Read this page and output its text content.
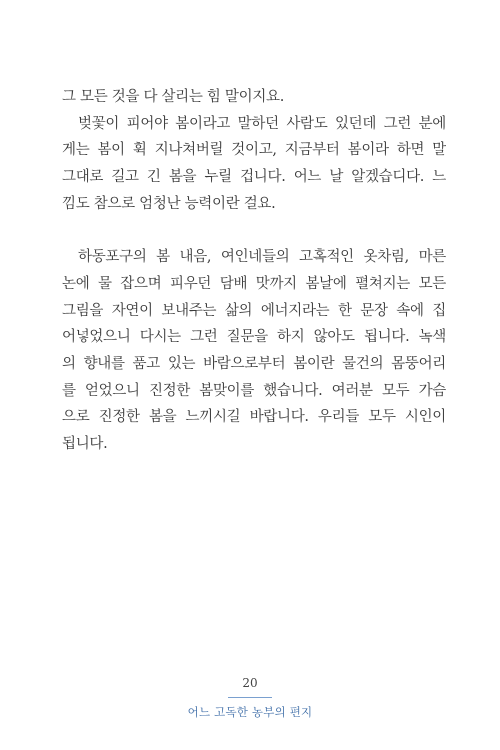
그 모든 것을 다 살리는 힘 말이지요.
벚꽃이 피어야 봄이라고 말하던 사람도 있던데 그런 분에
게는 봄이 휙 지나쳐버릴 것이고, 지금부터 봄이라 하면 말
그대로 길고 긴 봄을 누릴 겁니다. 어느 날 알겠습디다. 느
낌도 참으로 엄청난 능력이란 걸요.
하동포구의 봄 내음, 여인네들의 고혹적인 옷차림, 마른
논에 물 잡으며 피우던 담배 맛까지 봄날에 펼쳐지는 모든
그림을 자연이 보내주는 삶의 에너지라는 한 문장 속에 집
어넣었으니 다시는 그런 질문을 하지 않아도 됩니다. 녹색
의 향내를 품고 있는 바람으로부터 봄이란 물건의 몸뚱어리
를 얻었으니 진정한 봄맞이를 했습니다. 여러분 모두 가슴
으로 진정한 봄을 느끼시길 바랍니다. 우리들 모두 시인이
됩니다.
20
어느 고독한 농부의 편지
